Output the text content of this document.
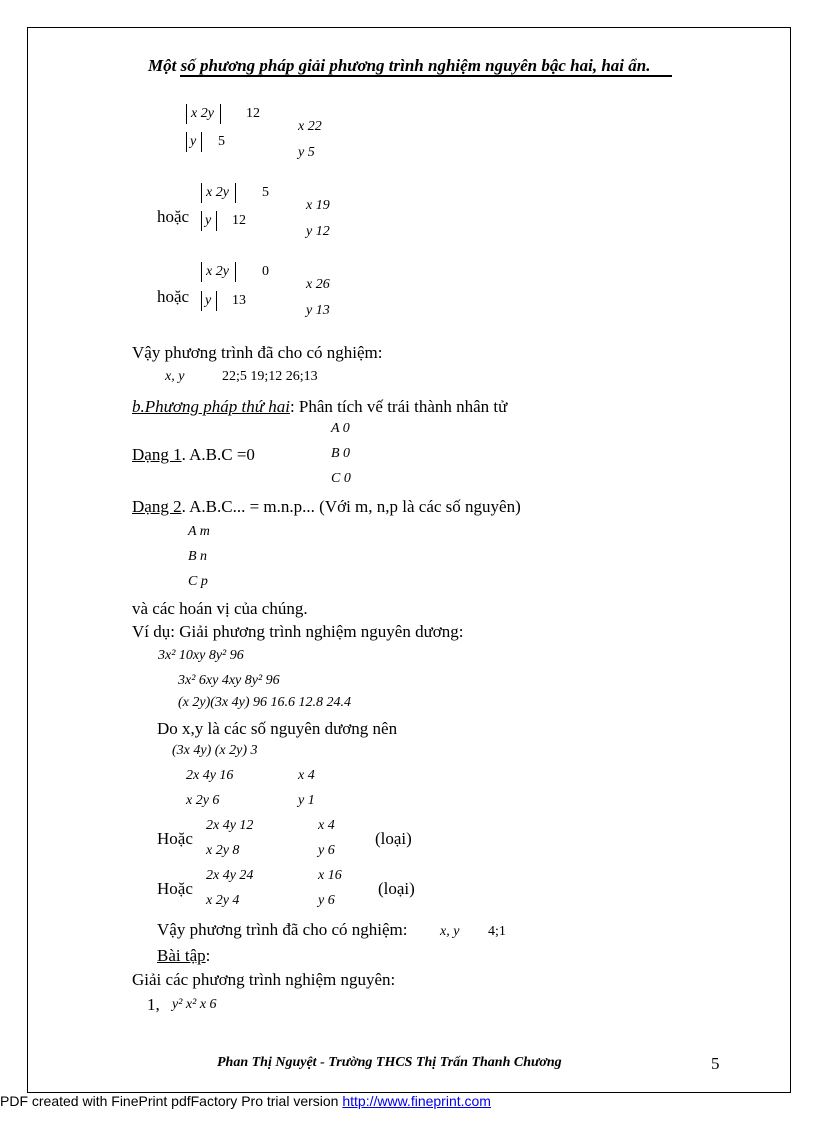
Một số phương pháp giải phương trình nghiệm nguyên bậc hai, hai ẩn.
x 2y 12
y 5
x 22
y 5
x 2y 5
hoặc y 12
x 19
y 12
x 2y 0
hoặc y 13
x 26
y 13
Vậy phương trình đã cho có nghiệm:
x, y	22;5 19;12 26;13
b.Phương pháp thứ hai: Phân tích vế trái thành nhân tử
A 0
Dạng 1. A.B.C =0	B 0
C 0
Dạng 2. A.B.C... = m.n.p... (Với m, n,p là các số nguyên)
A m
B n
C p
và các hoán vị của chúng.
Ví dụ: Giải phương trình nghiệm nguyên dương:
3x² 10xy 8y² 96
3x² 6xy 4xy 8y² 96
(x 2y)(3x 4y) 96 16.6 12.8 24.4
Do x,y là các số nguyên dương nên
(3x 4y) (x 2y) 3
2x 4y 16	x 4
x 2y 6	y 1
Hoặc
2x 4y 12	x 4
x 2y 8	y 6
(loại)
Hoặc
2x 4y 24	x 16
x 2y 4	y 6
(loại)
Vậy phương trình đã cho có nghiệm: x, y 4;1
Bài tập:
Giải các phương trình nghiệm nguyên:
1, y² x² x 6
Phan Thị Nguyệt - Trường THCS Thị Trấn Thanh Chương	5
PDF created with FinePrint pdfFactory Pro trial version http://www.fineprint.com
